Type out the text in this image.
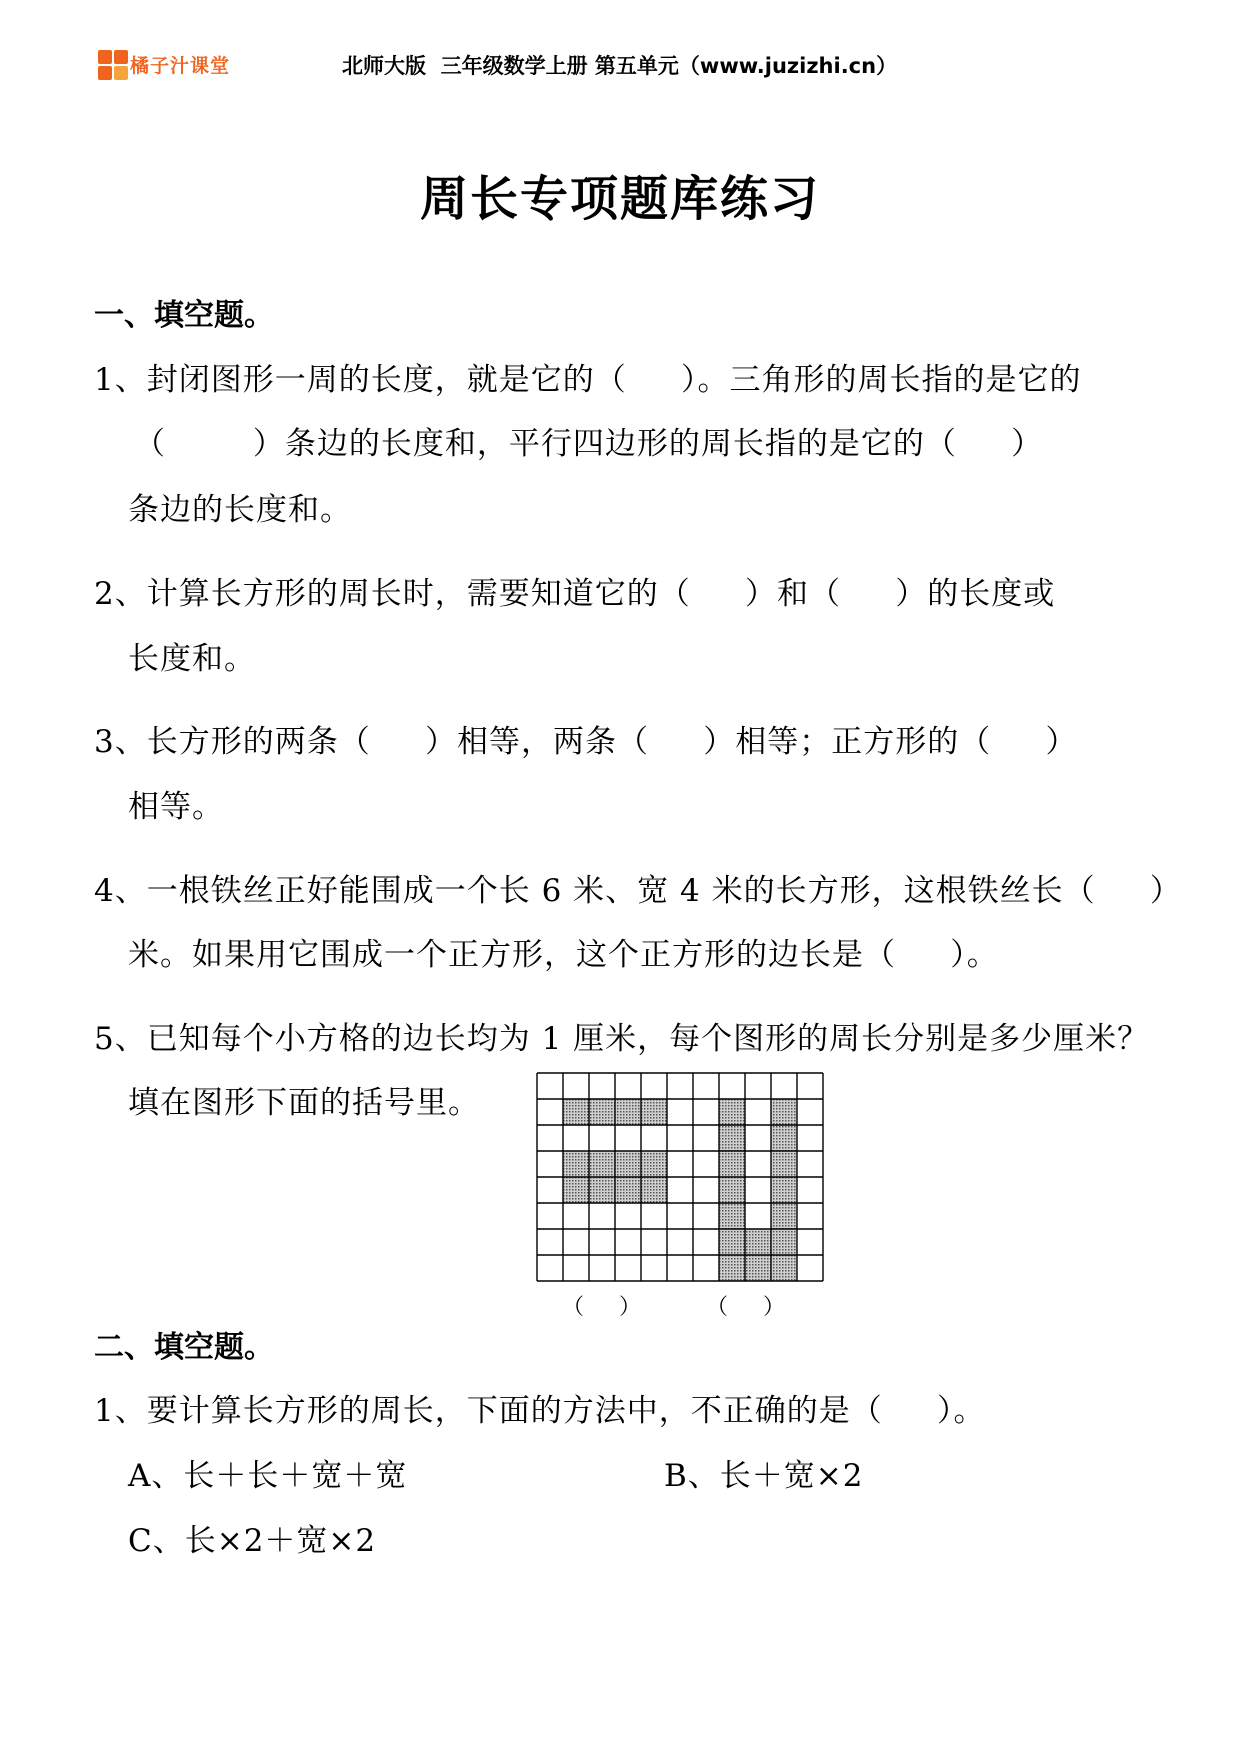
橘子汁课堂	北师大版  三年级数学上册 第五单元（www.juzizhi.cn）
周长专项题库练习
一、填空题。
1、封闭图形一周的长度，就是它的（     ）。三角形的周长指的是它的
（        ）条边的长度和，平行四边形的周长指的是它的（     ）
条边的长度和。
2、计算长方形的周长时，需要知道它的（     ）和（     ）的长度或
长度和。
3、长方形的两条（     ）相等，两条（     ）相等；正方形的（     ）
相等。
4、一根铁丝正好能围成一个长 6 米、宽 4 米的长方形，这根铁丝长（     ）
米。如果用它围成一个正方形，这个正方形的边长是（     ）。
5、已知每个小方格的边长均为 1 厘米，每个图形的周长分别是多少厘米？
填在图形下面的括号里。
（     ）	（     ）
二、填空题。
1、要计算长方形的周长，下面的方法中，不正确的是（     ）。
A、长＋长＋宽＋宽	B、长＋宽×2
C、长×2＋宽×2
